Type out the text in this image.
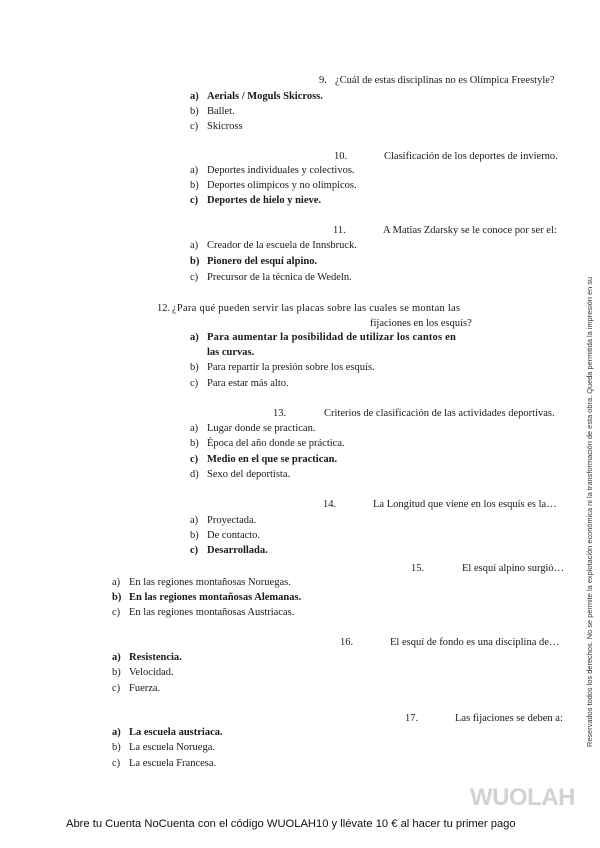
9. ¿Cuál de estas disciplinas no es Olímpica Freestyle?
a) Aerials / Moguls Skicross.
b) Ballet.
c) Skicross
10.	Clasificación de los deportes de invierno.
a) Deportes individuales y colectivos.
b) Deportes olímpicos y no olímpicos.
c) Deportes de hielo y nieve.
11.	A Matias Zdarsky se le conoce por ser el:
a) Creador de la escuela de Innsbruck.
b) Pionero del esquí alpino.
c) Precursor de la técnica de Wedeln.
12. ¿Para qué pueden servir las placas sobre las cuales se montan las
fijaciones en los esquís?
a) Para aumentar la posibilidad de utilizar los cantos en
las curvas.
b) Para repartir la presión sobre los esquís.
c) Para estar más alto.
13.	Criterios de clasificación de las actividades deportivas.
a) Lugar donde se practican.
b) Época del año donde se práctica.
c) Medio en el que se practican.
d) Sexo del deportista.
14.	La Longitud que viene en los esquís es la…
a) Proyectada.
b) De contacto.
c) Desarrollada.
15.	El esquí alpino surgió…
a) En las regiones montañosas Noruegas.
b) En las regiones montañosas Alemanas.
c) En las regiones montañosas Austriacas.
16.	El esquí de fondo es una disciplina de…
a) Resistencia.
b) Velocidad.
c) Fuerza.
17.	Las fijaciones se deben a:
a) La escuela austriaca.
b) La escuela Noruega.
c) La escuela Francesa.
Reservados todos los derechos. No se permite la explotación económica ni la transformación de esta obra. Queda permitida la impresión en su
WUOLAH
Abre tu Cuenta NoCuenta con el código WUOLAH10 y llévate 10 € al hacer tu primer pago
